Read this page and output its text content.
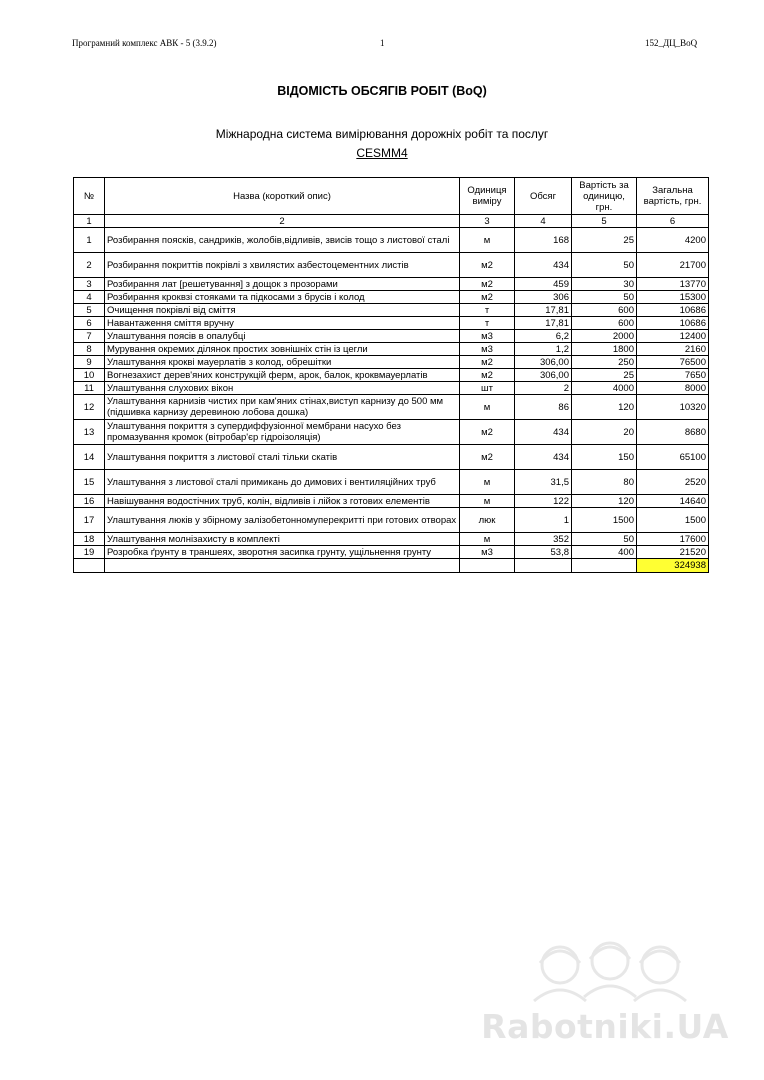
Програмний комплекс АВК - 5 (3.9.2)	1	152_ДЦ_BoQ
ВІДОМІСТЬ ОБСЯГІВ РОБІТ (BoQ)
Міжнародна система вимірювання дорожніх робіт та послуг
CESMM4
№	Назва (короткий опис)	Одиниця виміру	Обсяг	Вартість за одиницю, грн.	Загальна вартість, грн.
1	2	3	4	5	6
1	Розбирання поясків, сандриків, жолобів,відливів, звисів тощо з листової сталі	м	168	25	4200
2	Розбирання покриттів покрівлі з хвилястих азбестоцементних листів	м2	434	50	21700
3	Розбирання лат [решетування] з дощок з прозорами	м2	459	30	13770
4	Розбирання кроквзі стояками та підкосами з брусів і колод	м2	306	50	15300
5	Очищення покрівлі від сміття	т	17,81	600	10686
6	Навантаження сміття вручну	т	17,81	600	10686
7	Улаштування поясів в опалубці	м3	6,2	2000	12400
8	Мурування окремих ділянок простих зовнішніх стін із цегли	м3	1,2	1800	2160
9	Улаштування кроквi мауерлатів з колод, обрешітки	м2	306,00	250	76500
10	Вогнезахист дерев'яних конструкцій ферм, арок, балок, кроквмауерлатів	м2	306,00	25	7650
11	Улаштування слухових вікон	шт	2	4000	8000
12	Улаштування карнизів чистих при кам'яних стінах,виступ карнизу до 500 мм (підшивка карнизу деревиною лобова дошка)	м	86	120	10320
13	Улаштування покриття з супердиффузіонної мембрани насухо без промазування кромок (вітробар'єр гідроізоляція)	м2	434	20	8680
14	Улаштування покриття з листової сталі тільки скатів	м2	434	150	65100
15	Улаштування з листової сталі примикань до димових і вентиляційних труб	м	31,5	80	2520
16	Навішування водостічних труб, колін, відливів і лійок з готових елементів	м	122	120	14640
17	Улаштування люків у збірному залізобетонномуперекритті при готових отворах	люк	1	1500	1500
18	Улаштування молнізахисту в комплекті	м	352	50	17600
19	Розробка ґрунту в траншеях, зворотня засипка грунту, ущільнення грунту	м3	53,8	400	21520
					324938
Rabotniki.UA
